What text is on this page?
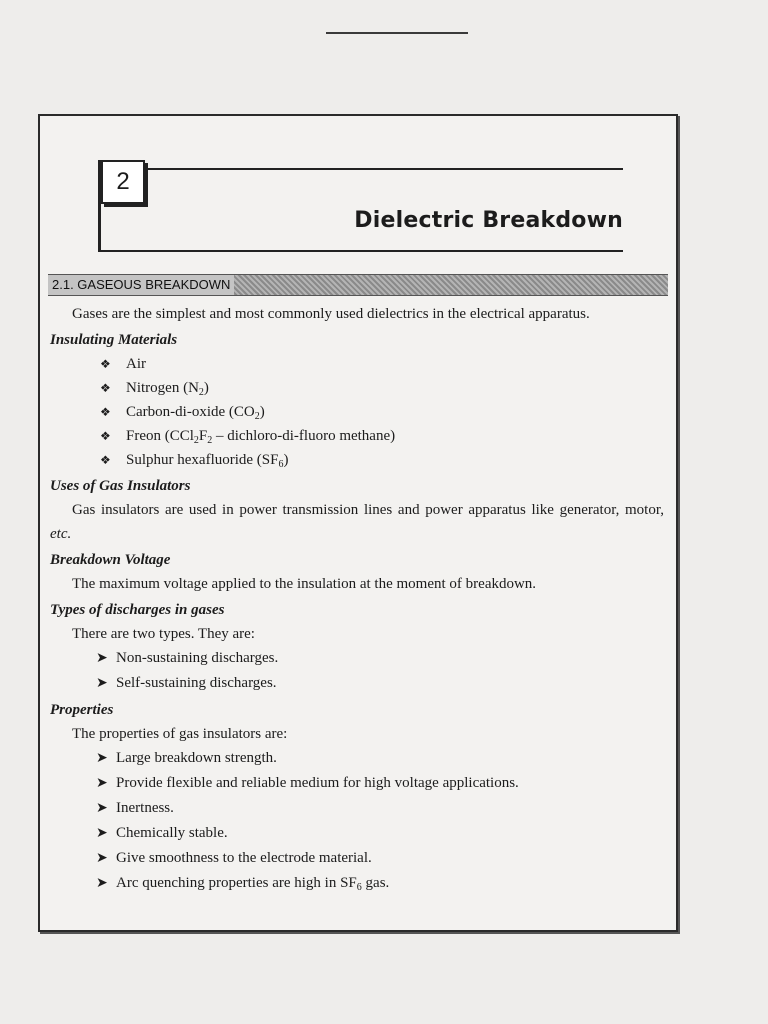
2
Dielectric Breakdown
2.1. GASEOUS BREAKDOWN

Gases are the simplest and most commonly used dielectrics in the electrical apparatus.

Insulating Materials

❖ Air
❖ Nitrogen $(N_2)$
❖ Carbon-di-oxide $(CO_2)$
❖ Freon ($CCl_2F_2$ – dichloro-di-fluoro methane)
❖ Sulphur hexafluoride $(SF_6)$

Uses of Gas Insulators

Gas insulators are used in power transmission lines and power apparatus like generator, motor, etc.

Breakdown Voltage

The maximum voltage applied to the insulation at the moment of breakdown.

Types of discharges in gases

There are two types. They are:

➤ Non-sustaining discharges.
➤ Self-sustaining discharges.

Properties

The properties of gas insulators are:

➤ Large breakdown strength.
➤ Provide flexible and reliable medium for high voltage applications.
➤ Inertness.
➤ Chemically stable.
➤ Give smoothness to the electrode material.
➤ Arc quenching properties are high in $SF_6$ gas.
